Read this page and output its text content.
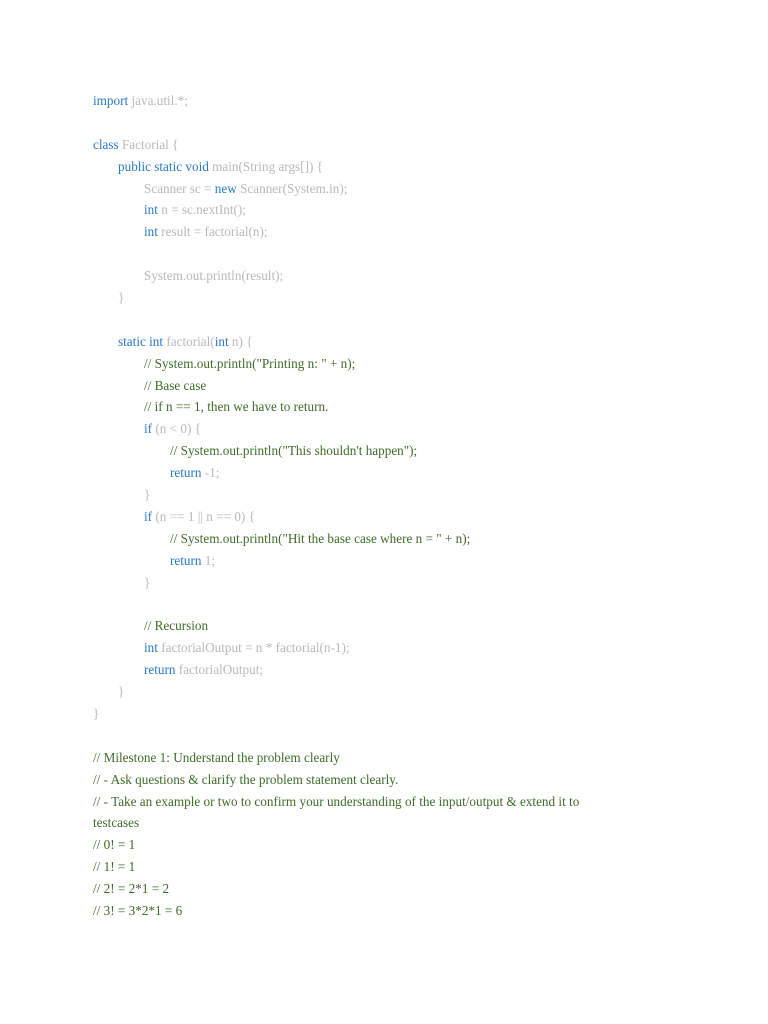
import java.util.*;
class Factorial {
public static void main(String args[]) {
Scanner sc = new Scanner(System.in);
int n = sc.nextInt();
int result = factorial(n);
System.out.println(result);
}
static int factorial(int n) {
// System.out.println("Printing n: " + n);
// Base case
// if n == 1, then we have to return.
if (n < 0) {
// System.out.println("This shouldn't happen");
return -1;
}
if (n == 1 || n == 0) {
// System.out.println("Hit the base case where n = " + n);
return 1;
}
// Recursion
int factorialOutput = n * factorial(n-1);
return factorialOutput;
}
}
// Milestone 1: Understand the problem clearly
// - Ask questions & clarify the problem statement clearly.
// - Take an example or two to confirm your understanding of the input/output & extend it to
testcases
// 0! = 1
// 1! = 1
// 2! = 2*1 = 2
// 3! = 3*2*1 = 6
